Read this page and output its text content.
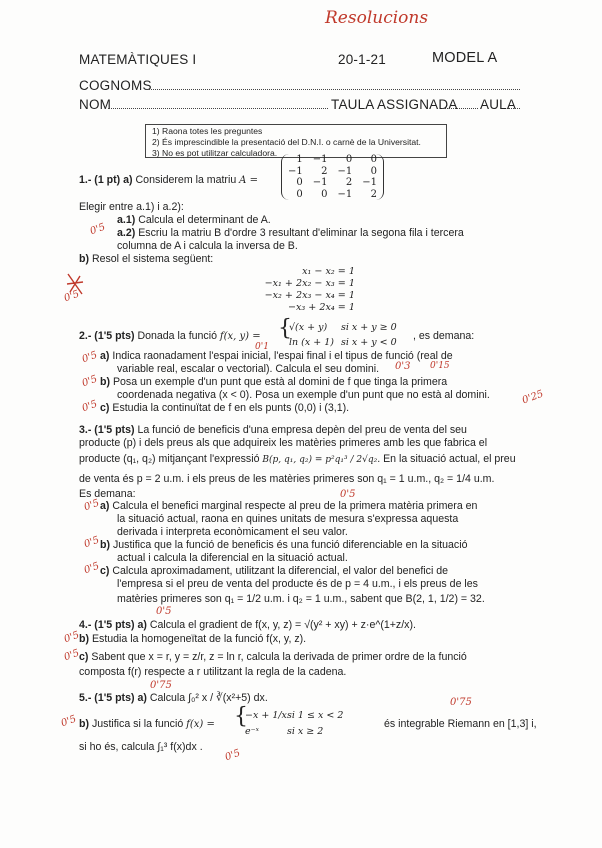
Resolucions
MATEMÀTIQUES I	20-1-21	MODEL A
COGNOMS
NOM	TAULA ASSIGNADA AULA
1) Raona totes les preguntes
2) És imprescindible la presentació del D.N.I. o carnè de la Universitat.
3) No es pot utilitzar calculadora.
1.- (1 pt) a) Considerem la matriu A =
1	−1	0	0
−1	2	−1	0
0	−1	2	−1
0	0	−1	2
Elegir entre a.1) i a.2):
a.1) Calcula el determinant de A.
a.2) Escriu la matriu B d'ordre 3 resultant d'eliminar la segona fila i tercera
columna de A i calcula la inversa de B.
b) Resol el sistema següent:
x₁ − x₂ = 1
−x₁ + 2x₂ − x₃ = 1
−x₂ + 2x₃ − x₄ = 1
−x₃ + 2x₄ = 1
2.- (1'5 pts) Donada la funció f(x, y) = {
√(x + y)
ln (x + 1)
si x + y ≥ 0
si x + y < 0
, es demana:
a) Indica raonadament l'espai inicial, l'espai final i el tipus de funció (real de
variable real, escalar o vectorial). Calcula el seu domini.
b) Posa un exemple d'un punt que està al domini de f que tinga la primera
coordenada negativa (x < 0). Posa un exemple d'un punt que no està al domini.
c) Estudia la continuïtat de f en els punts (0,0) i (3,1).
3.- (1'5 pts) La funció de beneficis d'una empresa depèn del preu de venta del seu
producte (p) i dels preus als que adquireix les matèries primeres amb les que fabrica el
producte (q₁, q₂) mitjançant l'expressió B(p, q₁, q₂) = p²q₁³ / 2√q₂. En la situació actual, el preu
de venta és p = 2 u.m. i els preus de les matèries primeres son q₁ = 1 u.m., q₂ = 1/4 u.m.
Es demana:
a) Calcula el benefici marginal respecte al preu de la primera matèria primera en
la situació actual, raona en quines unitats de mesura s'expressa aquesta
derivada i interpreta econòmicament el seu valor.
b) Justifica que la funció de beneficis és una funció diferenciable en la situació
actual i calcula la diferencial en la situació actual.
c) Calcula aproximadament, utilitzant la diferencial, el valor del benefici de
l'empresa si el preu de venta del producte és de p = 4 u.m., i els preus de les
matèries primeres son q₁ = 1/2 u.m. i q₂ = 1 u.m., sabent que B(2, 1, 1/2) = 32.
4.- (1'5 pts) a) Calcula el gradient de f(x, y, z) = √(y² + xy) + z·e^(1+z/x).
b) Estudia la homogeneïtat de la funció f(x, y, z).
c) Sabent que x = r, y = z/r, z = ln r, calcula la derivada de primer ordre de la funció
composta f(r) respecte a r utilitzant la regla de la cadena.
5.- (1'5 pts) a) Calcula ∫₀² x / ∛(x²+5) dx.
b) Justifica si la funció f(x) = {
−x + 1/x
e⁻ˣ
si 1 ≤ x < 2
si x ≥ 2
és integrable Riemann en [1,3] i,
si ho és, calcula ∫₁³ f(x)dx .
0'5
0'5
0'1
0'5
0'3 0'15
0'5
0'25
0'5
0'5
0'5
0'5
0'5
0'5
0'5
0'5
0'75
0'5
0'75
0'5
